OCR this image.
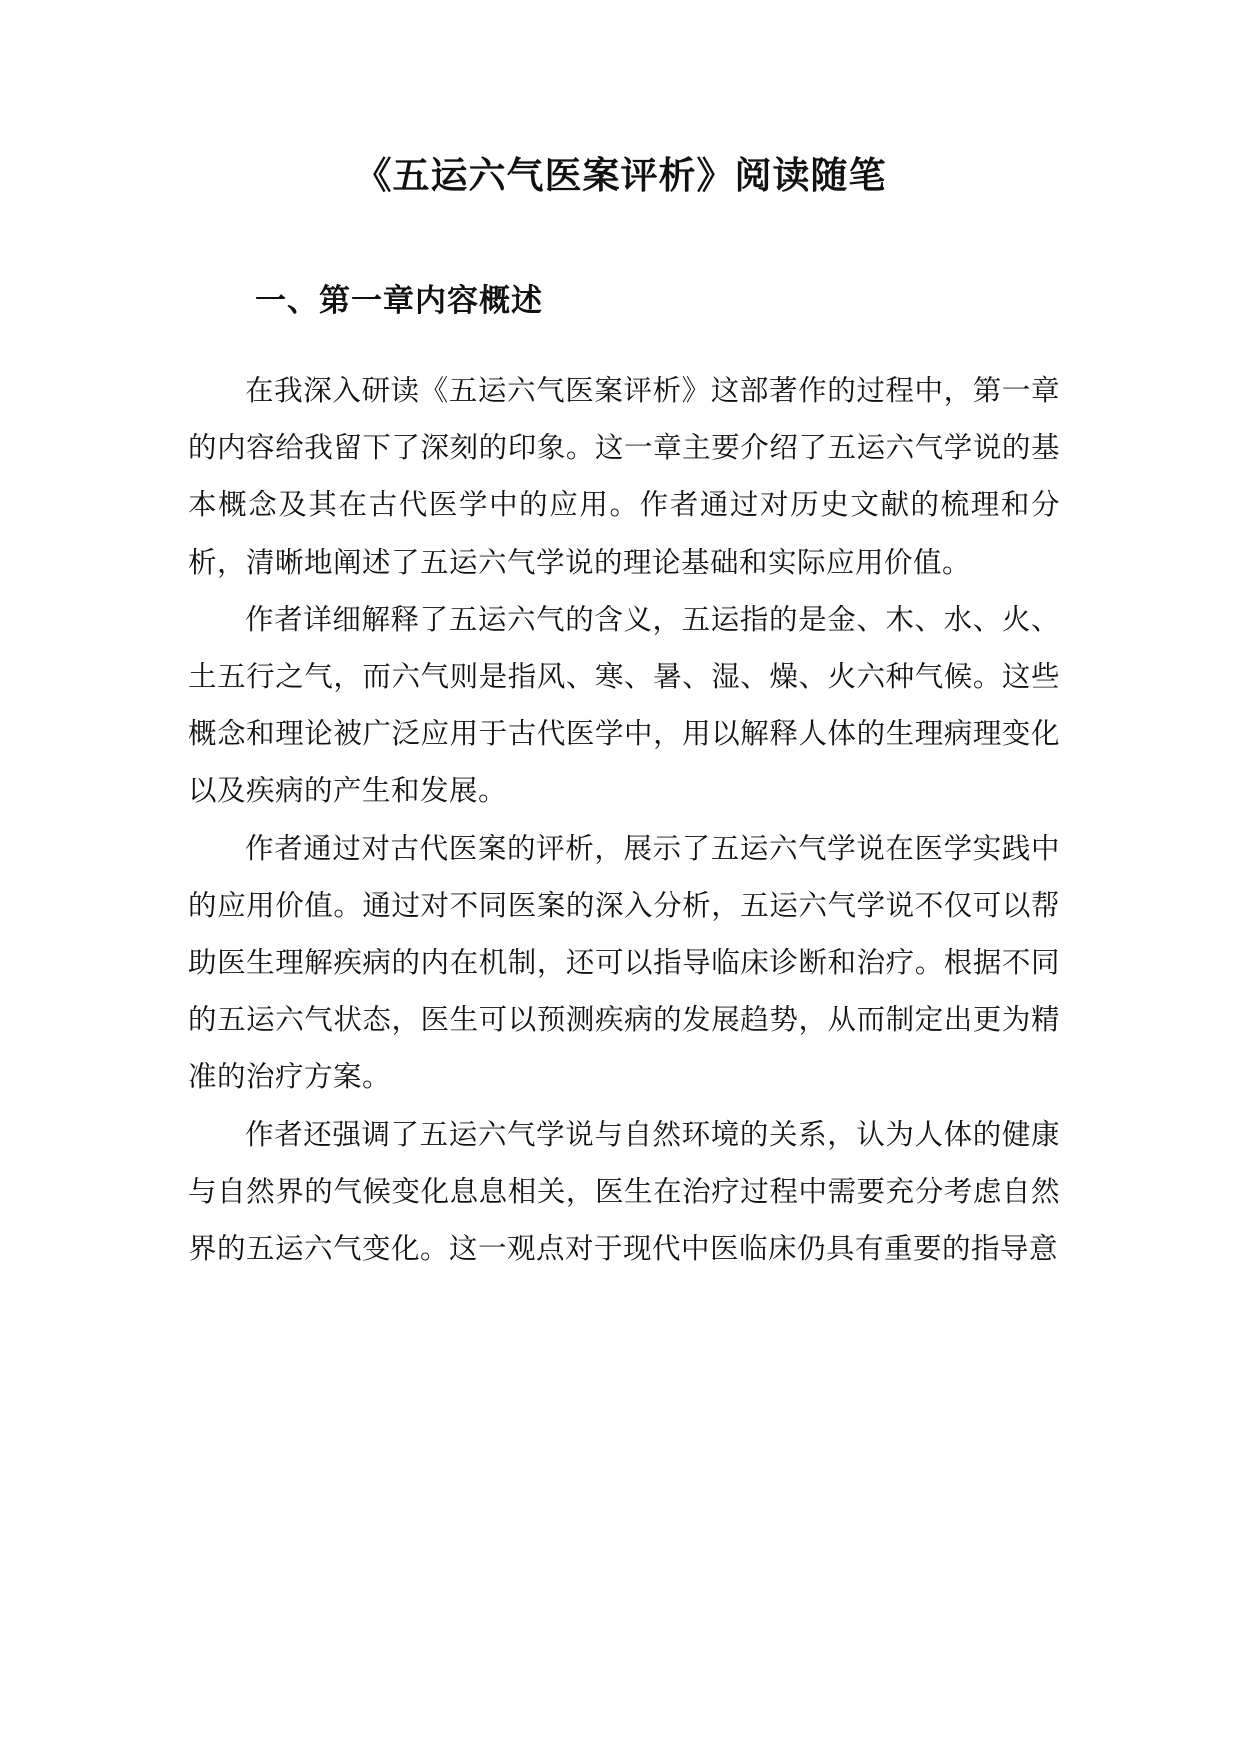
《五运六气医案评析》阅读随笔
一、第一章内容概述

在我深入研读《五运六气医案评析》这部著作的过程中，第一章的内容给我留下了深刻的印象。这一章主要介绍了五运六气学说的基本概念及其在古代医学中的应用。作者通过对历史文献的梳理和分析，清晰地阐述了五运六气学说的理论基础和实际应用价值。

作者详细解释了五运六气的含义，五运指的是金、木、水、火、土五行之气，而六气则是指风、寒、暑、湿、燥、火六种气候。这些概念和理论被广泛应用于古代医学中，用以解释人体的生理病理变化以及疾病的产生和发展。

作者通过对古代医案的评析，展示了五运六气学说在医学实践中的应用价值。通过对不同医案的深入分析，五运六气学说不仅可以帮助医生理解疾病的内在机制，还可以指导临床诊断和治疗。根据不同的五运六气状态，医生可以预测疾病的发展趋势，从而制定出更为精准的治疗方案。

作者还强调了五运六气学说与自然环境的关系，认为人体的健康与自然界的气候变化息息相关，医生在治疗过程中需要充分考虑自然界的五运六气变化。这一观点对于现代中医临床仍具有重要的指导意
